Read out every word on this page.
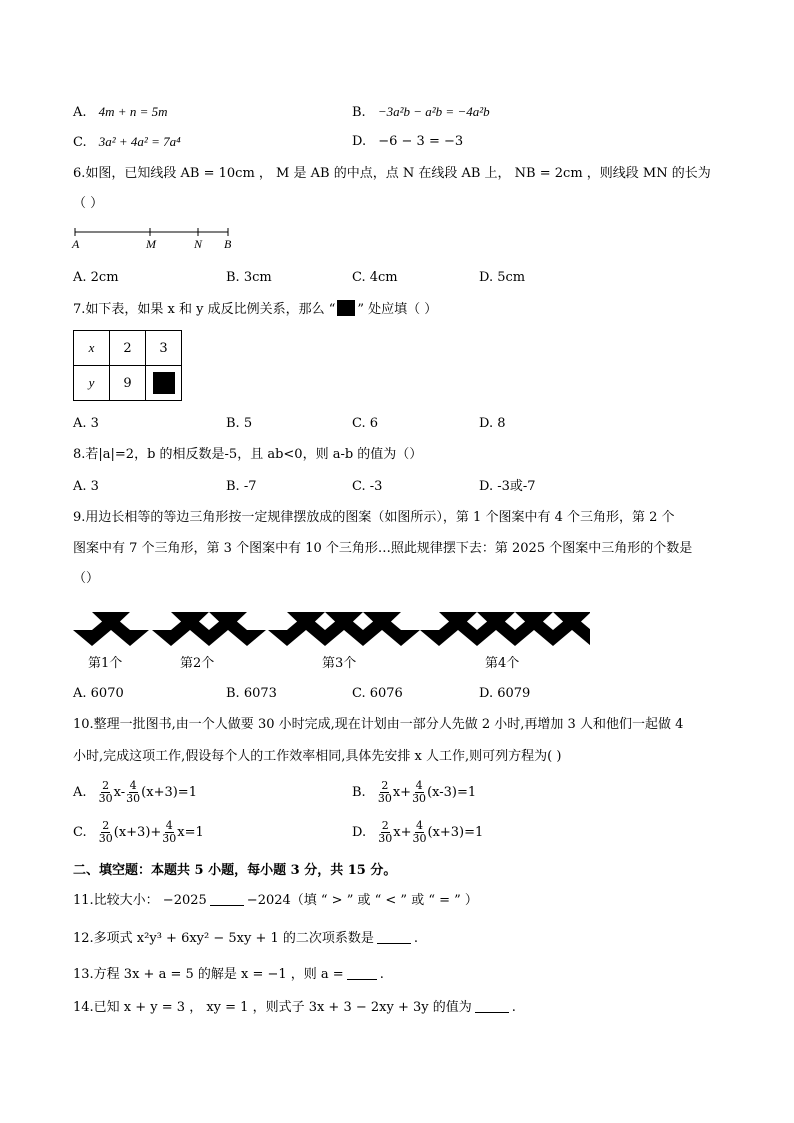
A. 4m + n = 5m	B. −3a²b − a²b = −4a²b
C. 3a² + 4a² = 7a⁴	D. −6 − 3 = −3
6.如图，已知线段 AB = 10cm ， M 是 AB 的中点，点 N 在线段 AB 上， NB = 2cm ，则线段 MN 的长为
（ ）
A	M	N B
A. 2cm	B. 3cm	C. 4cm	D. 5cm
7.如下表，如果 x 和 y 成反比例关系，那么 “ ” 处应填（ ）
x	2	3
y	9	
A. 3	B. 5	C. 6	D. 8
8.若|a|=2，b 的相反数是-5，且 ab<0，则 a-b 的值为（）
A. 3	B. -7	C. -3	D. -3或-7
9.用边长相等的等边三角形按一定规律摆放成的图案（如图所示），第 1 个图案中有 4 个三角形，第 2 个
图案中有 7 个三角形，第 3 个图案中有 10 个三角形…照此规律摆下去：第 2025 个图案中三角形的个数是
（）
第1个	第2个	第3个	第4个
A. 6070	B. 6073	C. 6076	D. 6079
10.整理一批图书,由一个人做要 30 小时完成,现在计划由一部分人先做 2 小时,再增加 3 人和他们一起做 4
小时,完成这项工作,假设每个人的工作效率相同,具体先安排 x 人工作,则可列方程为( )
A. $\frac{2}{30} x- \frac{4}{30} (x+3)=1$	B. $\frac{2}{30} x+ \frac{4}{30} (x-3)=1$
C. $\frac{2}{30} (x+3)+ \frac{4}{30} x=1$	D. $\frac{2}{30} x+ \frac{4}{30} (x+3)=1$
二、填空题：本题共 5 小题，每小题 3 分，共 15 分。
11.比较大小： −2025	−2024（填 “ > ” 或 “ < ” 或 “ = ” ）
12.多项式 x²y³ + 6xy² − 5xy + 1 的二次项系数是	.
13.方程 3x + a = 5 的解是 x = −1 ，则 a =	.
14.已知 x + y = 3 ， xy = 1 ，则式子 3x + 3 − 2xy + 3y 的值为	.
